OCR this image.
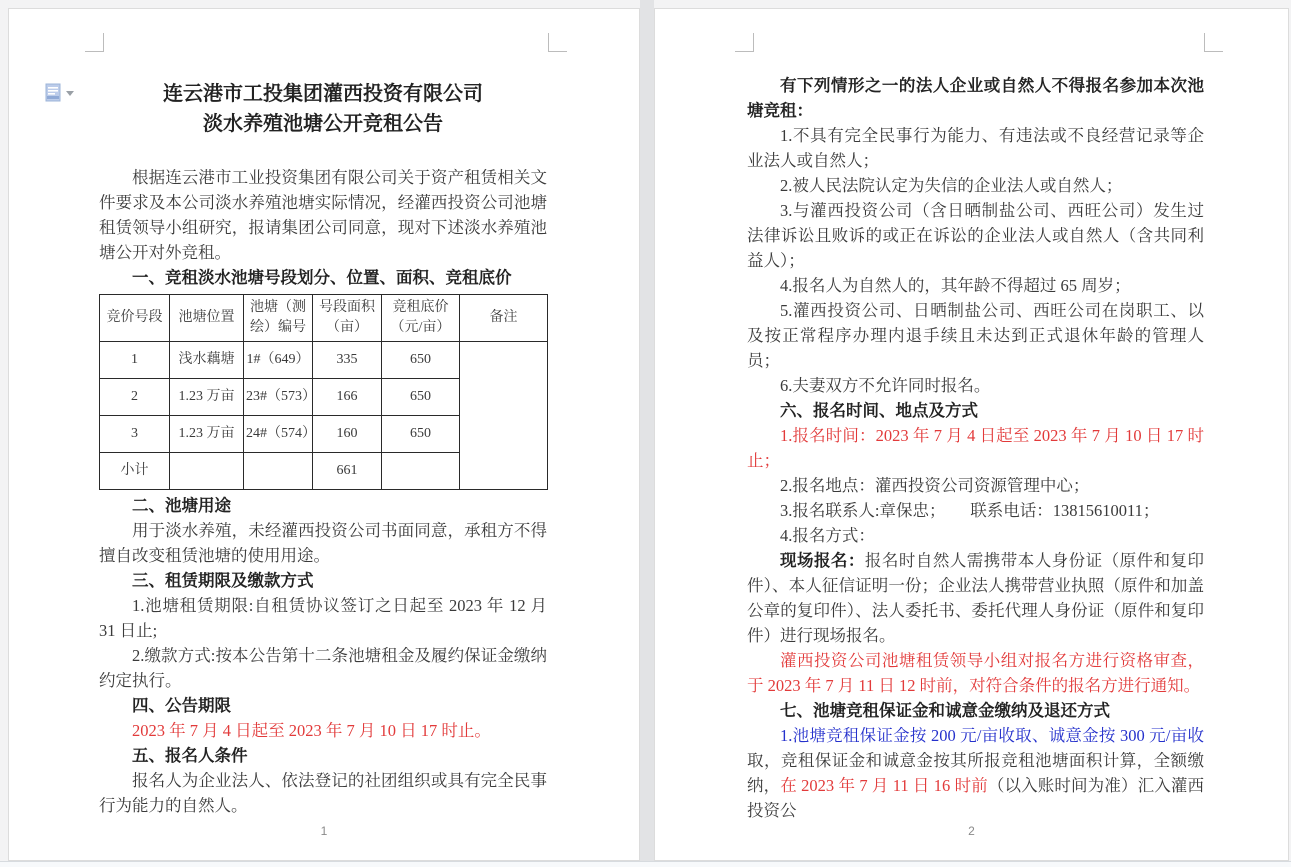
连云港市工投集团灌西投资有限公司
淡水养殖池塘公开竞租公告

根据连云港市工业投资集团有限公司关于资产租赁相关文件要求及本公司淡水养殖池塘实际情况，经灌西投资公司池塘租赁领导小组研究，报请集团公司同意，现对下述淡水养殖池塘公开对外竞租。

一、竞租淡水池塘号段划分、位置、面积、竞租底价

竞价号段	池塘位置	池塘（测绘）编号	号段面积（亩）	竞租底价（元/亩）	备注
1	浅水藕塘	1#（649）	335	650	
2	1.23 万亩	23#（573）	166	650	
3	1.23 万亩	24#（574）	160	650	
小计			661		

二、池塘用途

用于淡水养殖，未经灌西投资公司书面同意，承租方不得擅自改变租赁池塘的使用用途。

三、租赁期限及缴款方式

1.池塘租赁期限:自租赁协议签订之日起至 2023 年 12 月 31 日止;

2.缴款方式:按本公告第十二条池塘租金及履约保证金缴纳约定执行。

四、公告期限

2023 年 7 月 4 日起至 2023 年 7 月 10 日 17 时止。

五、报名人条件

报名人为企业法人、依法登记的社团组织或具有完全民事行为能力的自然人。

1

有下列情形之一的法人企业或自然人不得报名参加本次池塘竞租：

1.不具有完全民事行为能力、有违法或不良经营记录等企业法人或自然人；

2.被人民法院认定为失信的企业法人或自然人；

3.与灌西投资公司（含日晒制盐公司、西旺公司）发生过法律诉讼且败诉的或正在诉讼的企业法人或自然人（含共同利益人）；

4.报名人为自然人的，其年龄不得超过 65 周岁；

5.灌西投资公司、日晒制盐公司、西旺公司在岗职工、以及按正常程序办理内退手续且未达到正式退休年龄的管理人员；

6.夫妻双方不允许同时报名。

六、报名时间、地点及方式

1.报名时间：2023 年 7 月 4 日起至 2023 年 7 月 10 日 17 时止；

2.报名地点：灌西投资公司资源管理中心；

3.报名联系人:章保忠；　　联系电话：13815610011；

4.报名方式：

现场报名：报名时自然人需携带本人身份证（原件和复印件）、本人征信证明一份；企业法人携带营业执照（原件和加盖公章的复印件）、法人委托书、委托代理人身份证（原件和复印件）进行现场报名。

灌西投资公司池塘租赁领导小组对报名方进行资格审查，于 2023 年 7 月 11 日 12 时前，对符合条件的报名方进行通知。

七、池塘竞租保证金和诚意金缴纳及退还方式

1.池塘竞租保证金按 200 元/亩收取、诚意金按 300 元/亩收取，竞租保证金和诚意金按其所报竞租池塘面积计算，全额缴纳，在 2023 年 7 月 11 日 16 时前（以入账时间为准）汇入灌西投资公

2
